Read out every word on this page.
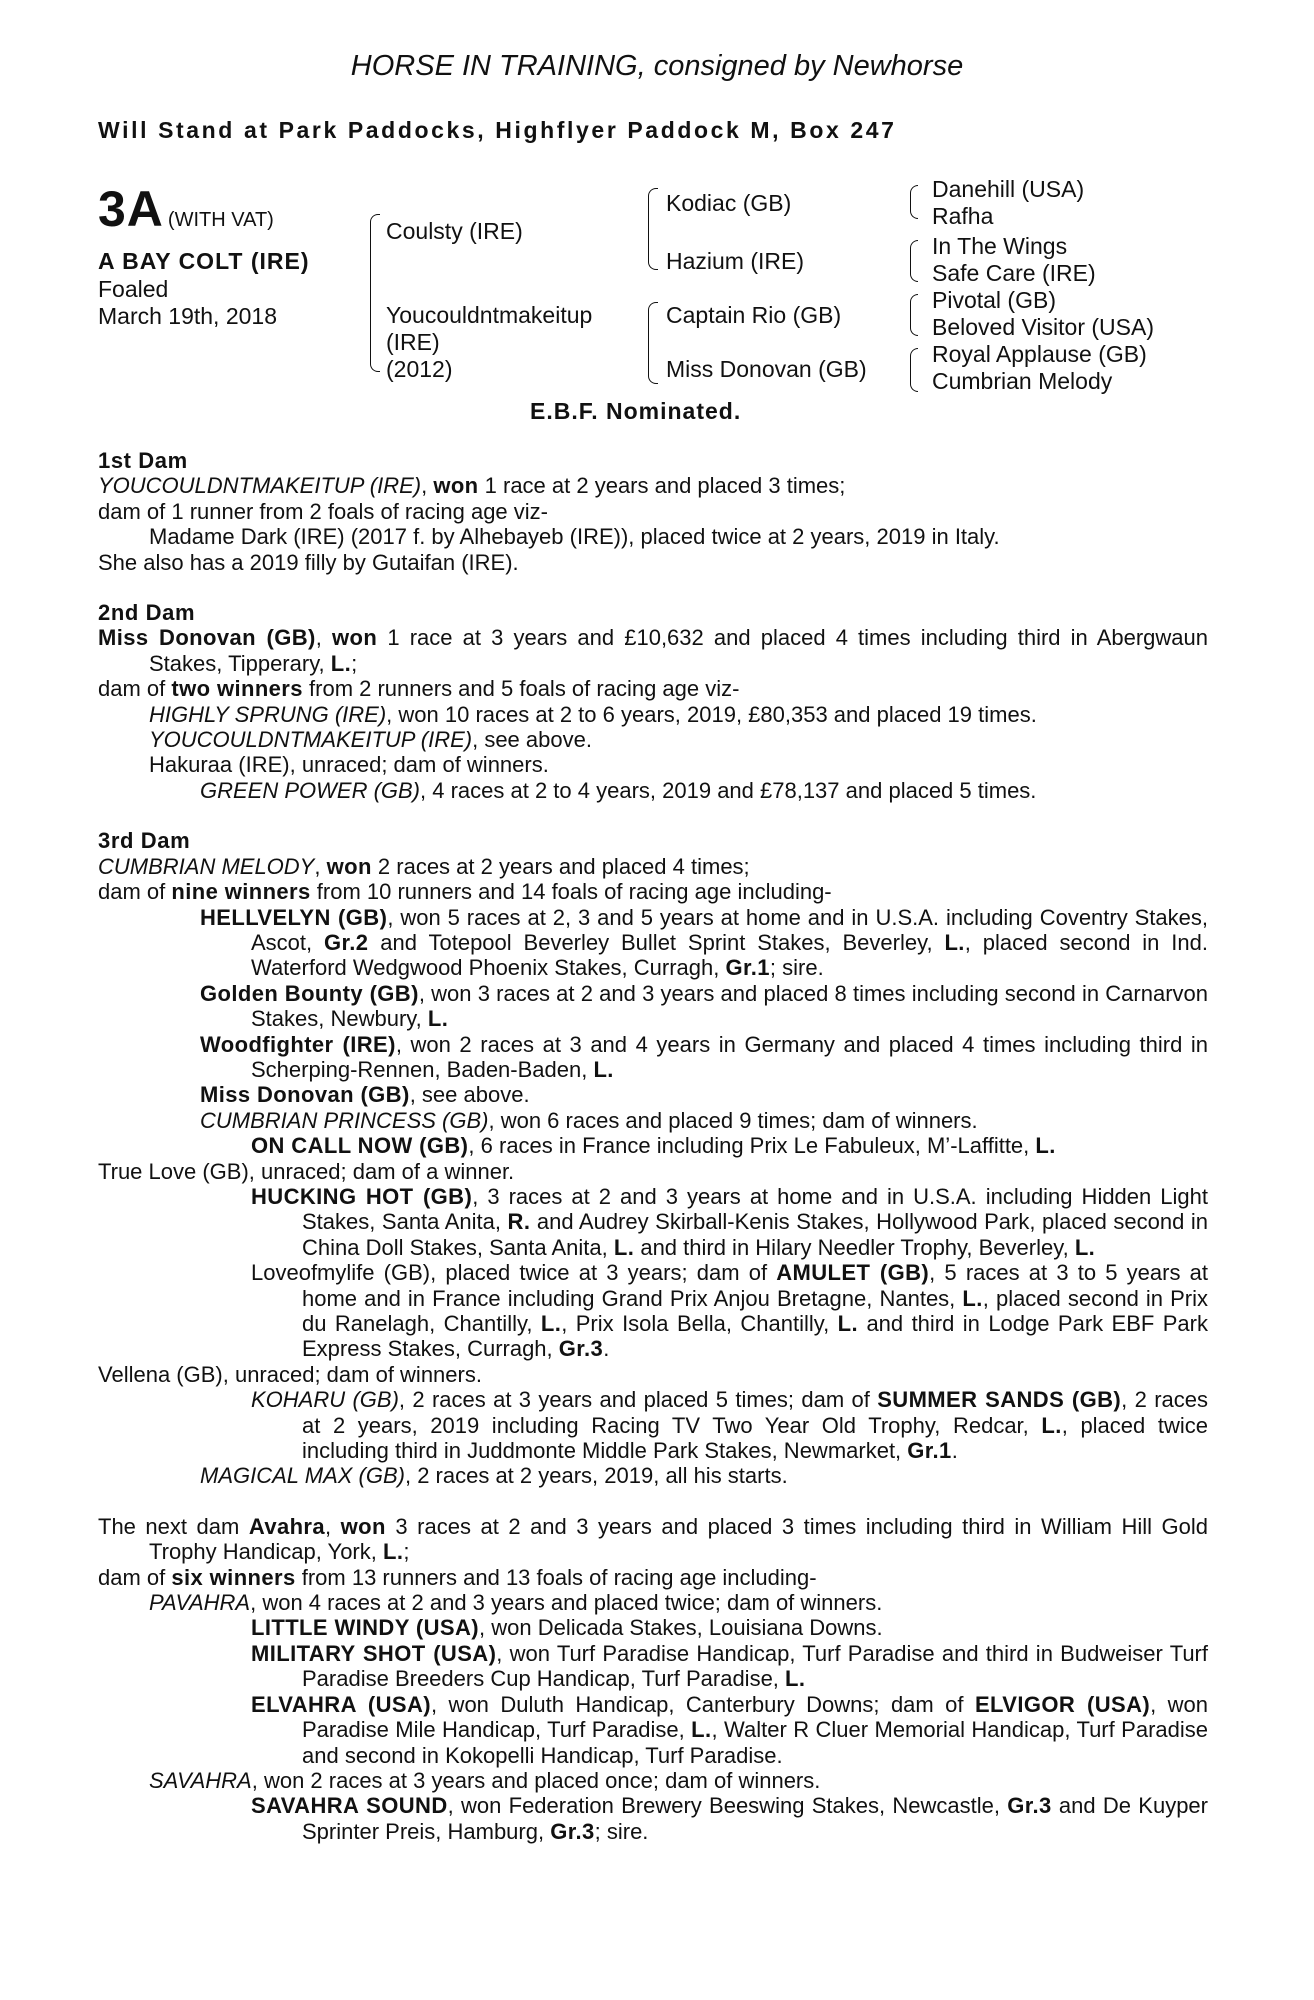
HORSE IN TRAINING, consigned by Newhorse
Will Stand at Park Paddocks, Highflyer Paddock M, Box 247
3A (WITH VAT)
A BAY COLT (IRE)
Foaled
March 19th, 2018
Coulsty (IRE)
Youcouldntmakeitup
(IRE)
(2012)
Kodiac (GB)
Hazium (IRE)
Captain Rio (GB)
Miss Donovan (GB)
Danehill (USA)
Rafha
In The Wings
Safe Care (IRE)
Pivotal (GB)
Beloved Visitor (USA)
Royal Applause (GB)
Cumbrian Melody
E.B.F. Nominated.
1st Dam
YOUCOULDNTMAKEITUP (IRE), won 1 race at 2 years and placed 3 times;
dam of 1 runner from 2 foals of racing age viz-
Madame Dark (IRE) (2017 f. by Alhebayeb (IRE)), placed twice at 2 years, 2019 in Italy.
She also has a 2019 filly by Gutaifan (IRE).
2nd Dam
Miss Donovan (GB), won 1 race at 3 years and £10,632 and placed 4 times including third in Abergwaun Stakes, Tipperary, L.;
dam of two winners from 2 runners and 5 foals of racing age viz-
HIGHLY SPRUNG (IRE), won 10 races at 2 to 6 years, 2019, £80,353 and placed 19 times.
YOUCOULDNTMAKEITUP (IRE), see above.
Hakuraa (IRE), unraced; dam of winners.
GREEN POWER (GB), 4 races at 2 to 4 years, 2019 and £78,137 and placed 5 times.
3rd Dam
CUMBRIAN MELODY, won 2 races at 2 years and placed 4 times;
dam of nine winners from 10 runners and 14 foals of racing age including-
HELLVELYN (GB), won 5 races at 2, 3 and 5 years at home and in U.S.A. including Coventry Stakes, Ascot, Gr.2 and Totepool Beverley Bullet Sprint Stakes, Beverley, L., placed second in Ind. Waterford Wedgwood Phoenix Stakes, Curragh, Gr.1; sire.
Golden Bounty (GB), won 3 races at 2 and 3 years and placed 8 times including second in Carnarvon Stakes, Newbury, L.
Woodfighter (IRE), won 2 races at 3 and 4 years in Germany and placed 4 times including third in Scherping-Rennen, Baden-Baden, L.
Miss Donovan (GB), see above.
CUMBRIAN PRINCESS (GB), won 6 races and placed 9 times; dam of winners.
ON CALL NOW (GB), 6 races in France including Prix Le Fabuleux, M’-Laffitte, L.
True Love (GB), unraced; dam of a winner.
HUCKING HOT (GB), 3 races at 2 and 3 years at home and in U.S.A. including Hidden Light Stakes, Santa Anita, R. and Audrey Skirball-Kenis Stakes, Hollywood Park, placed second in China Doll Stakes, Santa Anita, L. and third in Hilary Needler Trophy, Beverley, L.
Loveofmylife (GB), placed twice at 3 years; dam of AMULET (GB), 5 races at 3 to 5 years at home and in France including Grand Prix Anjou Bretagne, Nantes, L., placed second in Prix du Ranelagh, Chantilly, L., Prix Isola Bella, Chantilly, L. and third in Lodge Park EBF Park Express Stakes, Curragh, Gr.3.
Vellena (GB), unraced; dam of winners.
KOHARU (GB), 2 races at 3 years and placed 5 times; dam of SUMMER SANDS (GB), 2 races at 2 years, 2019 including Racing TV Two Year Old Trophy, Redcar, L., placed twice including third in Juddmonte Middle Park Stakes, Newmarket, Gr.1.
MAGICAL MAX (GB), 2 races at 2 years, 2019, all his starts.
The next dam Avahra, won 3 races at 2 and 3 years and placed 3 times including third in William Hill Gold Trophy Handicap, York, L.;
dam of six winners from 13 runners and 13 foals of racing age including-
PAVAHRA, won 4 races at 2 and 3 years and placed twice; dam of winners.
LITTLE WINDY (USA), won Delicada Stakes, Louisiana Downs.
MILITARY SHOT (USA), won Turf Paradise Handicap, Turf Paradise and third in Budweiser Turf Paradise Breeders Cup Handicap, Turf Paradise, L.
ELVAHRA (USA), won Duluth Handicap, Canterbury Downs; dam of ELVIGOR (USA), won Paradise Mile Handicap, Turf Paradise, L., Walter R Cluer Memorial Handicap, Turf Paradise and second in Kokopelli Handicap, Turf Paradise.
SAVAHRA, won 2 races at 3 years and placed once; dam of winners.
SAVAHRA SOUND, won Federation Brewery Beeswing Stakes, Newcastle, Gr.3 and De Kuyper Sprinter Preis, Hamburg, Gr.3; sire.
